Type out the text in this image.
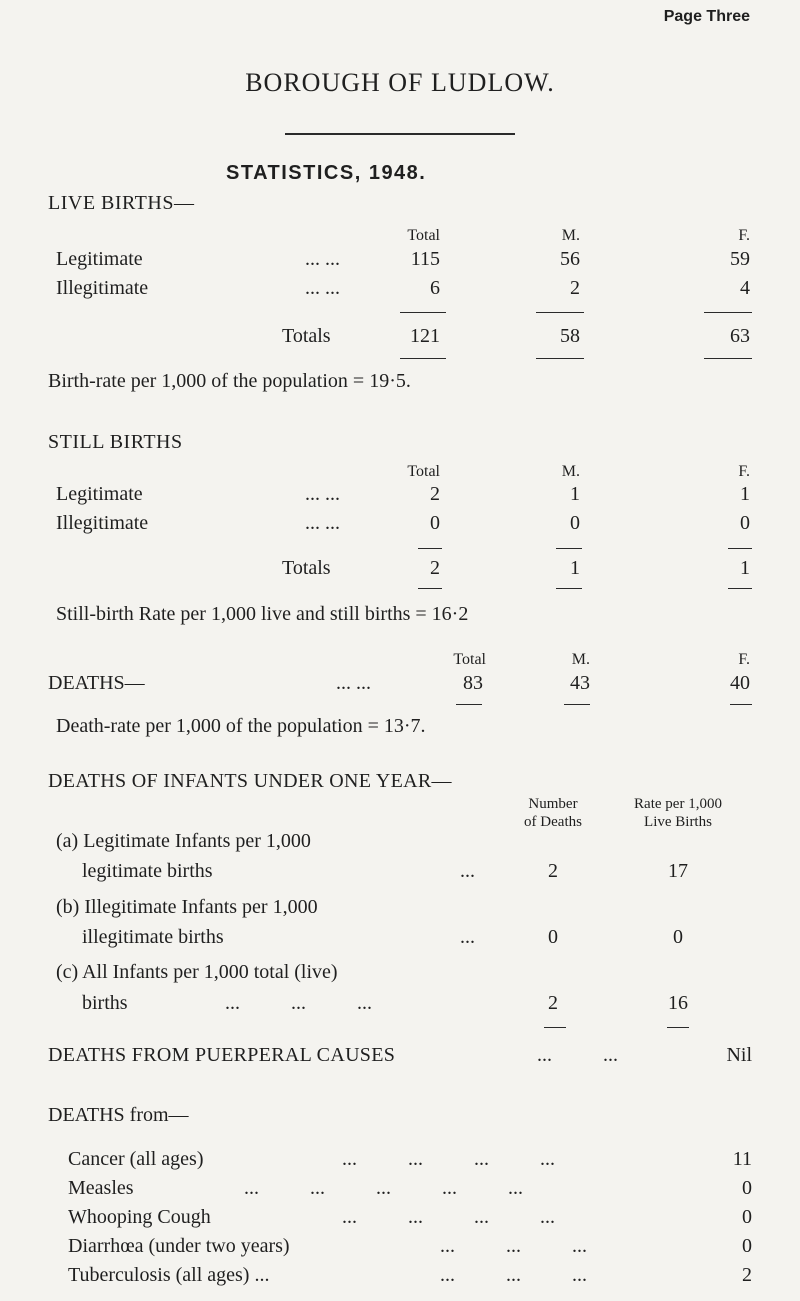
Page Three
BOROUGH OF LUDLOW.
STATISTICS, 1948.
LIVE BIRTHS—
Total	M.	F.
Legitimate	... ...	115	56	59
Illegitimate	... ...	6	2	4
Totals	121	58	63
Birth-rate per 1,000 of the population = 19·5.
STILL BIRTHS
Total	M.	F.
Legitimate	... ...	2	1	1
Illegitimate	... ...	0	0	0
Totals	2	1	1
Still-birth Rate per 1,000 live and still births = 16·2
Total	M.	F.
DEATHS—	... ...	83	43	40
Death-rate per 1,000 of the population = 13·7.
DEATHS OF INFANTS UNDER ONE YEAR—
Number
of Deaths
Rate per 1,000
Live Births
(a) Legitimate Infants per 1,000
legitimate births	...	2	17
(b) Illegitimate Infants per 1,000
illegitimate births	...	0	0
(c) All Infants per 1,000 total (live)
births	... ... ...	2	16
DEATHS FROM PUERPERAL CAUSES	... ...	Nil
DEATHS from—
Cancer (all ages)	... ... ... ...	11
Measles	... ... ... ... ...	0
Whooping Cough	... ... ... ...	0
Diarrhœa (under two years)	... ... ...	0
Tuberculosis (all ages) ...	... ... ...	2
